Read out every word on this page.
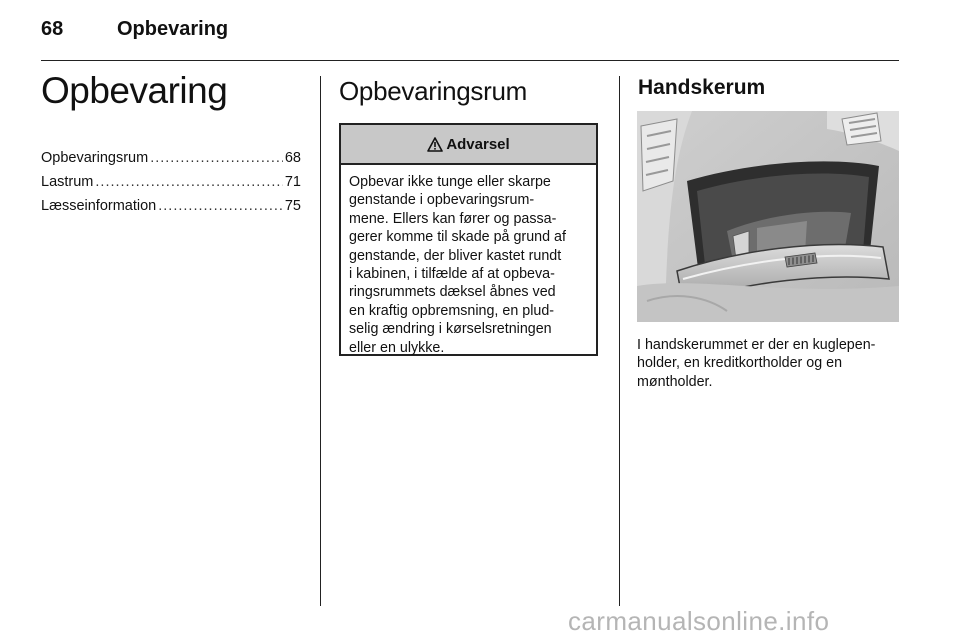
68	Opbevaring
Opbevaring
Opbevaringsrum .....	68
Lastrum .....	71
Læsseinformation .....	75
Opbevaringsrum
Advarsel
Opbevar ikke tunge eller skarpe
genstande i opbevaringsrum-
mene. Ellers kan fører og passa-
gerer komme til skade på grund af
genstande, der bliver kastet rundt
i kabinen, i tilfælde af at opbeva-
ringsrummets dæksel åbnes ved
en kraftig opbremsning, en plud-
selig ændring i kørselsretningen
eller en ulykke.
Handskerum
I handskerummet er der en kuglepen-
holder, en kreditkortholder og en
møntholder.
carmanualsonline.info
